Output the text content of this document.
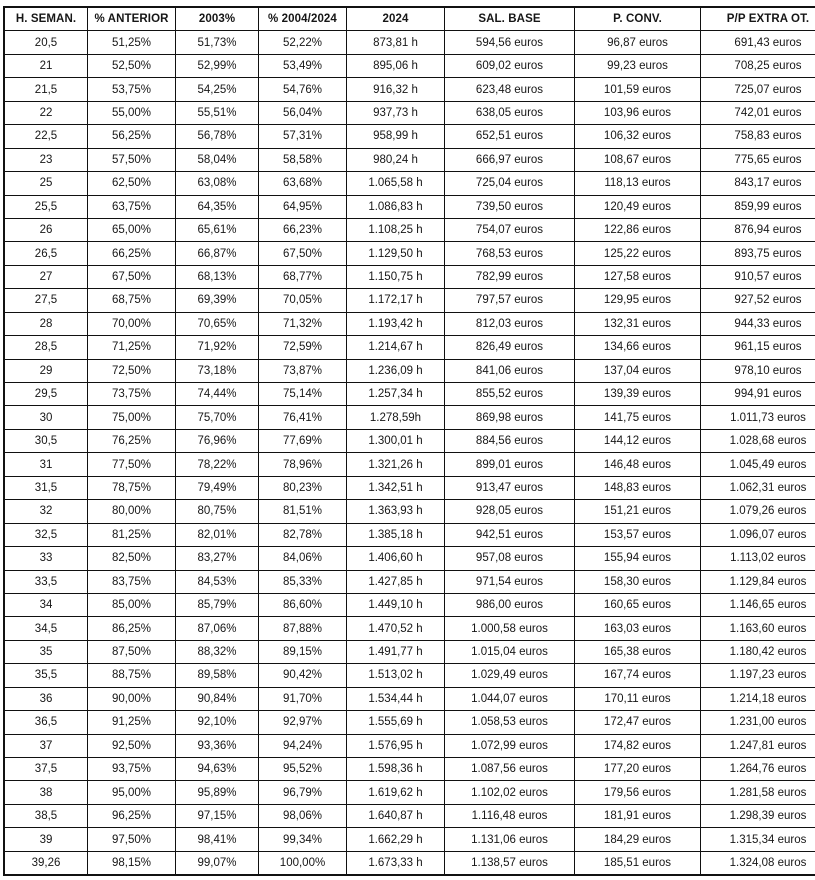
H. SEMAN.	% ANTERIOR	2003%	% 2004/2024	2024	SAL. BASE	P. CONV.	P/P EXTRA OT.
20,5	51,25%	51,73%	52,22%	873,81 h	594,56 euros	96,87 euros	691,43 euros
21	52,50%	52,99%	53,49%	895,06 h	609,02 euros	99,23 euros	708,25 euros
21,5	53,75%	54,25%	54,76%	916,32 h	623,48 euros	101,59 euros	725,07 euros
22	55,00%	55,51%	56,04%	937,73 h	638,05 euros	103,96 euros	742,01 euros
22,5	56,25%	56,78%	57,31%	958,99 h	652,51 euros	106,32 euros	758,83 euros
23	57,50%	58,04%	58,58%	980,24 h	666,97 euros	108,67 euros	775,65 euros
25	62,50%	63,08%	63,68%	1.065,58 h	725,04 euros	118,13 euros	843,17 euros
25,5	63,75%	64,35%	64,95%	1.086,83 h	739,50 euros	120,49 euros	859,99 euros
26	65,00%	65,61%	66,23%	1.108,25 h	754,07 euros	122,86 euros	876,94 euros
26,5	66,25%	66,87%	67,50%	1.129,50 h	768,53 euros	125,22 euros	893,75 euros
27	67,50%	68,13%	68,77%	1.150,75 h	782,99 euros	127,58 euros	910,57 euros
27,5	68,75%	69,39%	70,05%	1.172,17 h	797,57 euros	129,95 euros	927,52 euros
28	70,00%	70,65%	71,32%	1.193,42 h	812,03 euros	132,31 euros	944,33 euros
28,5	71,25%	71,92%	72,59%	1.214,67 h	826,49 euros	134,66 euros	961,15 euros
29	72,50%	73,18%	73,87%	1.236,09 h	841,06 euros	137,04 euros	978,10 euros
29,5	73,75%	74,44%	75,14%	1.257,34 h	855,52 euros	139,39 euros	994,91 euros
30	75,00%	75,70%	76,41%	1.278,59h	869,98 euros	141,75 euros	1.011,73 euros
30,5	76,25%	76,96%	77,69%	1.300,01 h	884,56 euros	144,12 euros	1.028,68 euros
31	77,50%	78,22%	78,96%	1.321,26 h	899,01 euros	146,48 euros	1.045,49 euros
31,5	78,75%	79,49%	80,23%	1.342,51 h	913,47 euros	148,83 euros	1.062,31 euros
32	80,00%	80,75%	81,51%	1.363,93 h	928,05 euros	151,21 euros	1.079,26 euros
32,5	81,25%	82,01%	82,78%	1.385,18 h	942,51 euros	153,57 euros	1.096,07 euros
33	82,50%	83,27%	84,06%	1.406,60 h	957,08 euros	155,94 euros	1.113,02 euros
33,5	83,75%	84,53%	85,33%	1.427,85 h	971,54 euros	158,30 euros	1.129,84 euros
34	85,00%	85,79%	86,60%	1.449,10 h	986,00 euros	160,65 euros	1.146,65 euros
34,5	86,25%	87,06%	87,88%	1.470,52 h	1.000,58 euros	163,03 euros	1.163,60 euros
35	87,50%	88,32%	89,15%	1.491,77 h	1.015,04 euros	165,38 euros	1.180,42 euros
35,5	88,75%	89,58%	90,42%	1.513,02 h	1.029,49 euros	167,74 euros	1.197,23 euros
36	90,00%	90,84%	91,70%	1.534,44 h	1.044,07 euros	170,11 euros	1.214,18 euros
36,5	91,25%	92,10%	92,97%	1.555,69 h	1.058,53 euros	172,47 euros	1.231,00 euros
37	92,50%	93,36%	94,24%	1.576,95 h	1.072,99 euros	174,82 euros	1.247,81 euros
37,5	93,75%	94,63%	95,52%	1.598,36 h	1.087,56 euros	177,20 euros	1.264,76 euros
38	95,00%	95,89%	96,79%	1.619,62 h	1.102,02 euros	179,56 euros	1.281,58 euros
38,5	96,25%	97,15%	98,06%	1.640,87 h	1.116,48 euros	181,91 euros	1.298,39 euros
39	97,50%	98,41%	99,34%	1.662,29 h	1.131,06 euros	184,29 euros	1.315,34 euros
39,26	98,15%	99,07%	100,00%	1.673,33 h	1.138,57 euros	185,51 euros	1.324,08 euros
